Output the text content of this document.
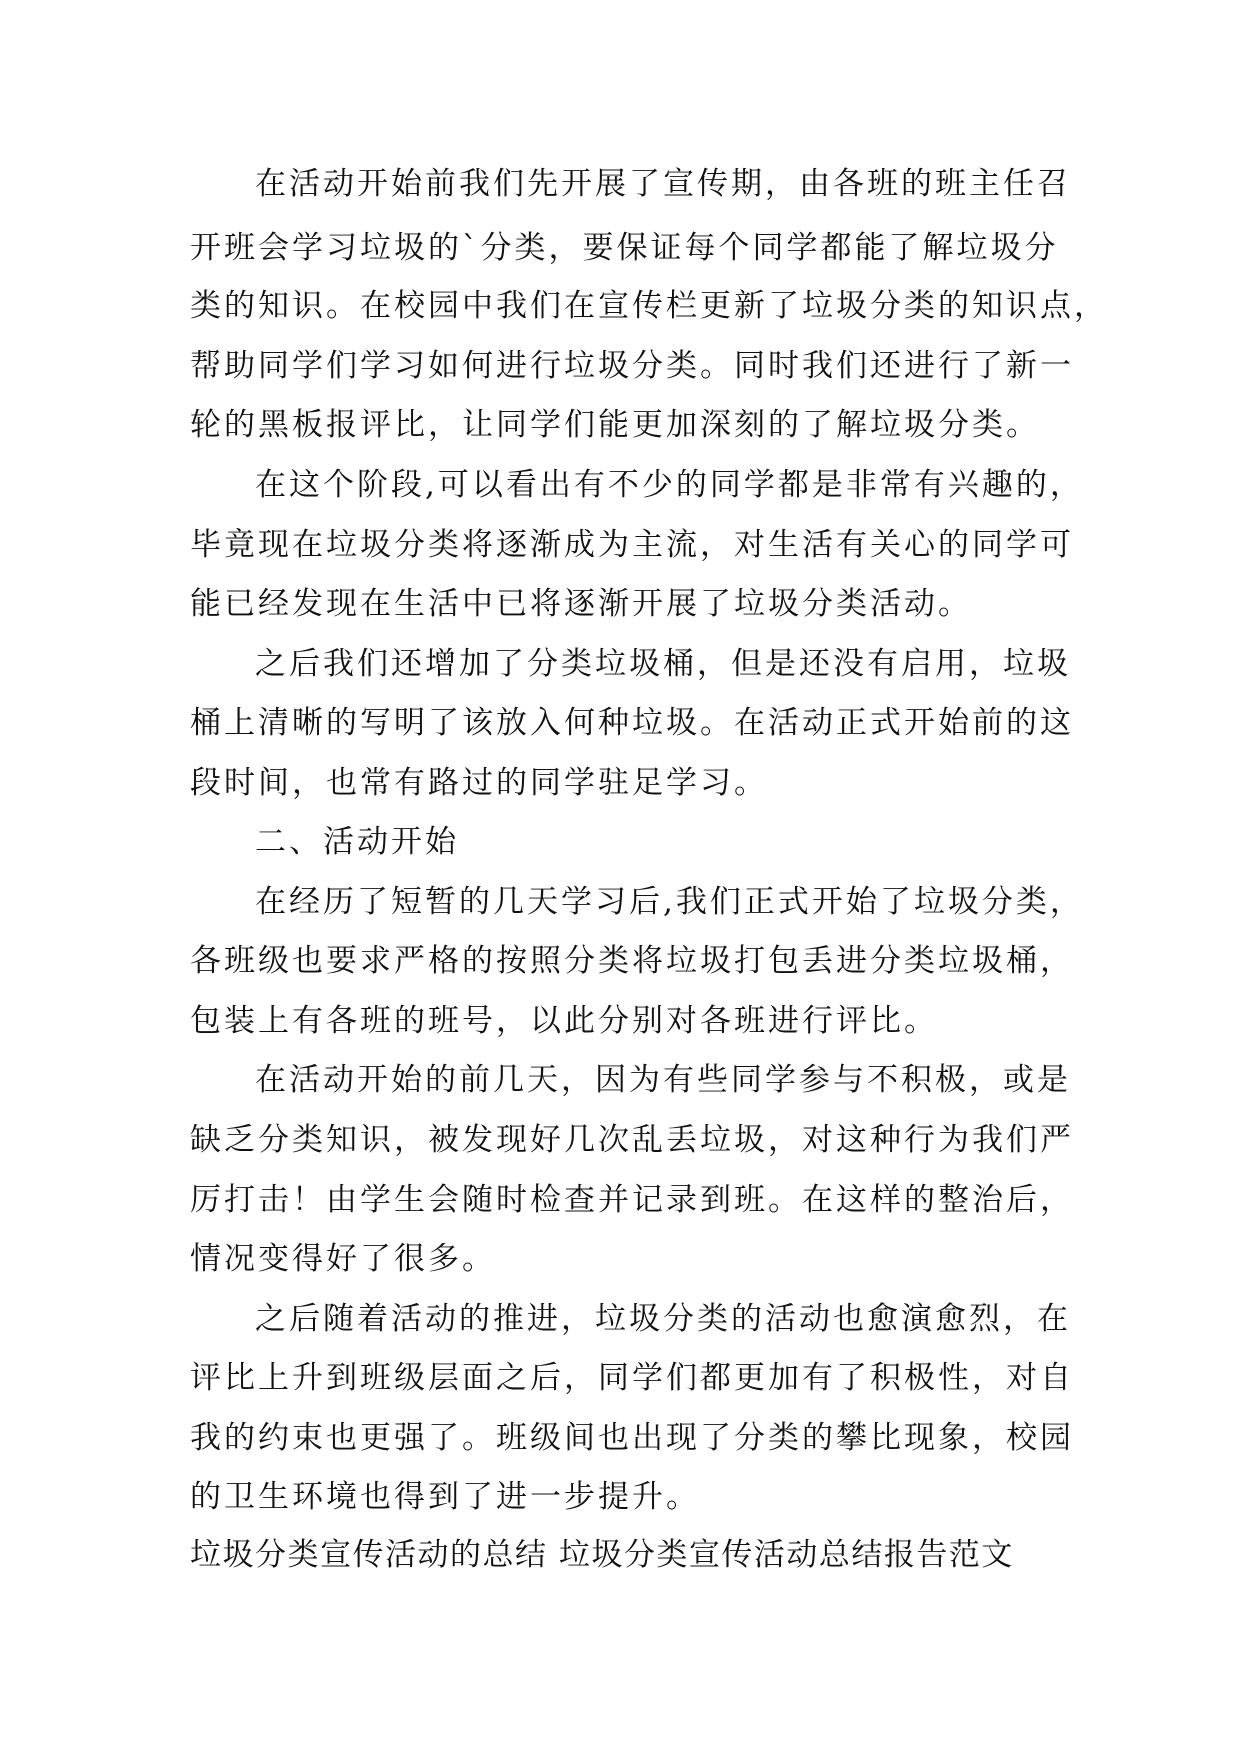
在活动开始前我们先开展了宣传期，由各班的班主任召
开班会学习垃圾的`分类，要保证每个同学都能了解垃圾分
类的知识。在校园中我们在宣传栏更新了垃圾分类的知识点，
帮助同学们学习如何进行垃圾分类。同时我们还进行了新一
轮的黑板报评比，让同学们能更加深刻的了解垃圾分类。
在这个阶段,可以看出有不少的同学都是非常有兴趣的，
毕竟现在垃圾分类将逐渐成为主流，对生活有关心的同学可
能已经发现在生活中已将逐渐开展了垃圾分类活动。
之后我们还增加了分类垃圾桶，但是还没有启用，垃圾
桶上清晰的写明了该放入何种垃圾。在活动正式开始前的这
段时间，也常有路过的同学驻足学习。
二、活动开始
在经历了短暂的几天学习后,我们正式开始了垃圾分类，
各班级也要求严格的按照分类将垃圾打包丢进分类垃圾桶，
包装上有各班的班号，以此分别对各班进行评比。
在活动开始的前几天，因为有些同学参与不积极，或是
缺乏分类知识，被发现好几次乱丢垃圾，对这种行为我们严
厉打击！由学生会随时检查并记录到班。在这样的整治后，
情况变得好了很多。
之后随着活动的推进，垃圾分类的活动也愈演愈烈，在
评比上升到班级层面之后，同学们都更加有了积极性，对自
我的约束也更强了。班级间也出现了分类的攀比现象，校园
的卫生环境也得到了进一步提升。
垃圾分类宣传活动的总结 垃圾分类宣传活动总结报告范文
